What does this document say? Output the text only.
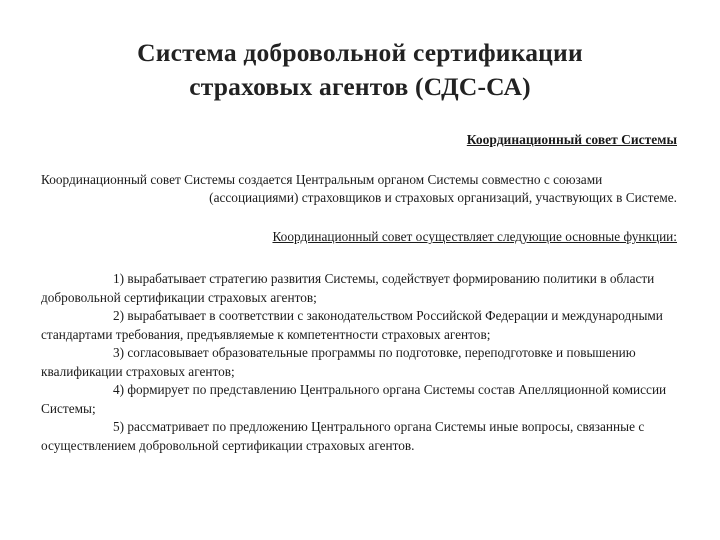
Система добровольной сертификации
страховых агентов (СДС-СА)
Координационный совет Системы
Координационный совет Системы создается Центральным органом Системы совместно с союзами
(ассоциациями) страховщиков и страховых организаций, участвующих в Системе.
Координационный совет осуществляет следующие основные функции:

1) вырабатывает стратегию развития Системы, содействует формированию политики в области добровольной сертификации страховых агентов;

2) вырабатывает в соответствии с законодательством Российской Федерации и международными стандартами требования, предъявляемые к компетентности страховых агентов;

3) согласовывает образовательные программы по подготовке, переподготовке и повышению квалификации страховых агентов;

4) формирует по представлению Центрального органа Системы состав Апелляционной комиссии Системы;

5) рассматривает по предложению Центрального органа Системы иные вопросы, связанные с осуществлением добровольной сертификации страховых агентов.
